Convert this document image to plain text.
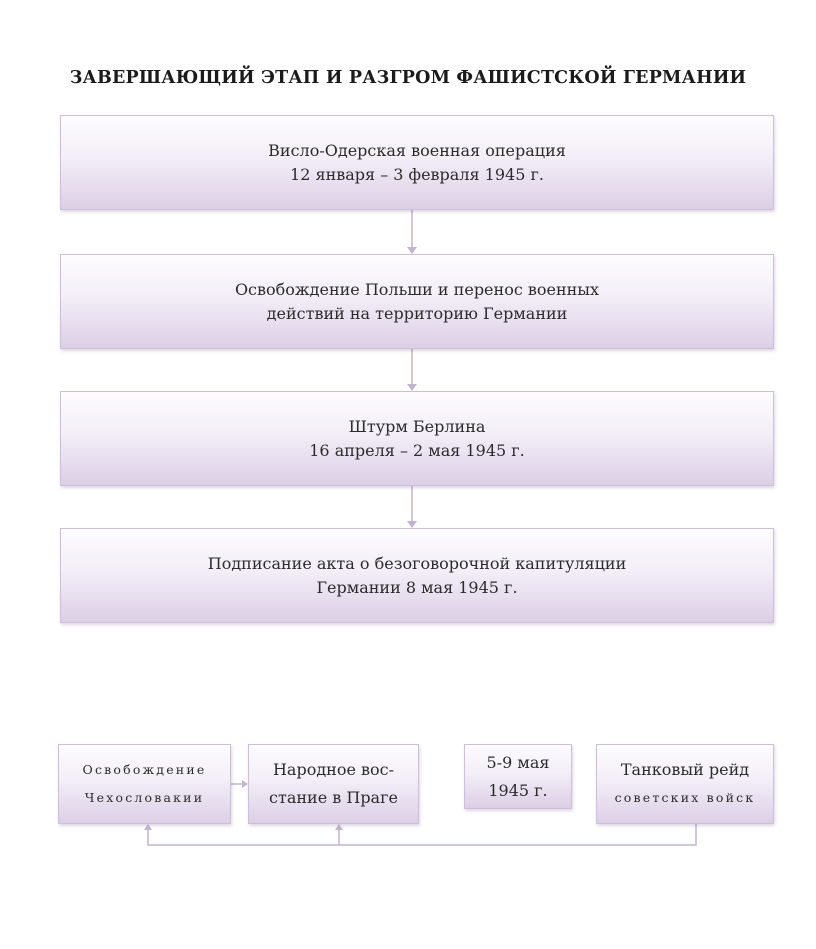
ЗАВЕРШАЮЩИЙ ЭТАП И РАЗГРОМ ФАШИСТСКОЙ ГЕРМАНИИ
Висло-Одерская военная операция
12 января – 3 февраля 1945 г.
Освобождение Польши и перенос военных
действий на территорию Германии
Штурм Берлина
16 апреля – 2 мая 1945 г.
Подписание акта о безоговорочной капитуляции
Германии 8 мая 1945 г.
Освобождение
Чехословакии
Народное вос-
стание в Праге
5-9 мая
1945 г.
Танковый рейд
советских войск
